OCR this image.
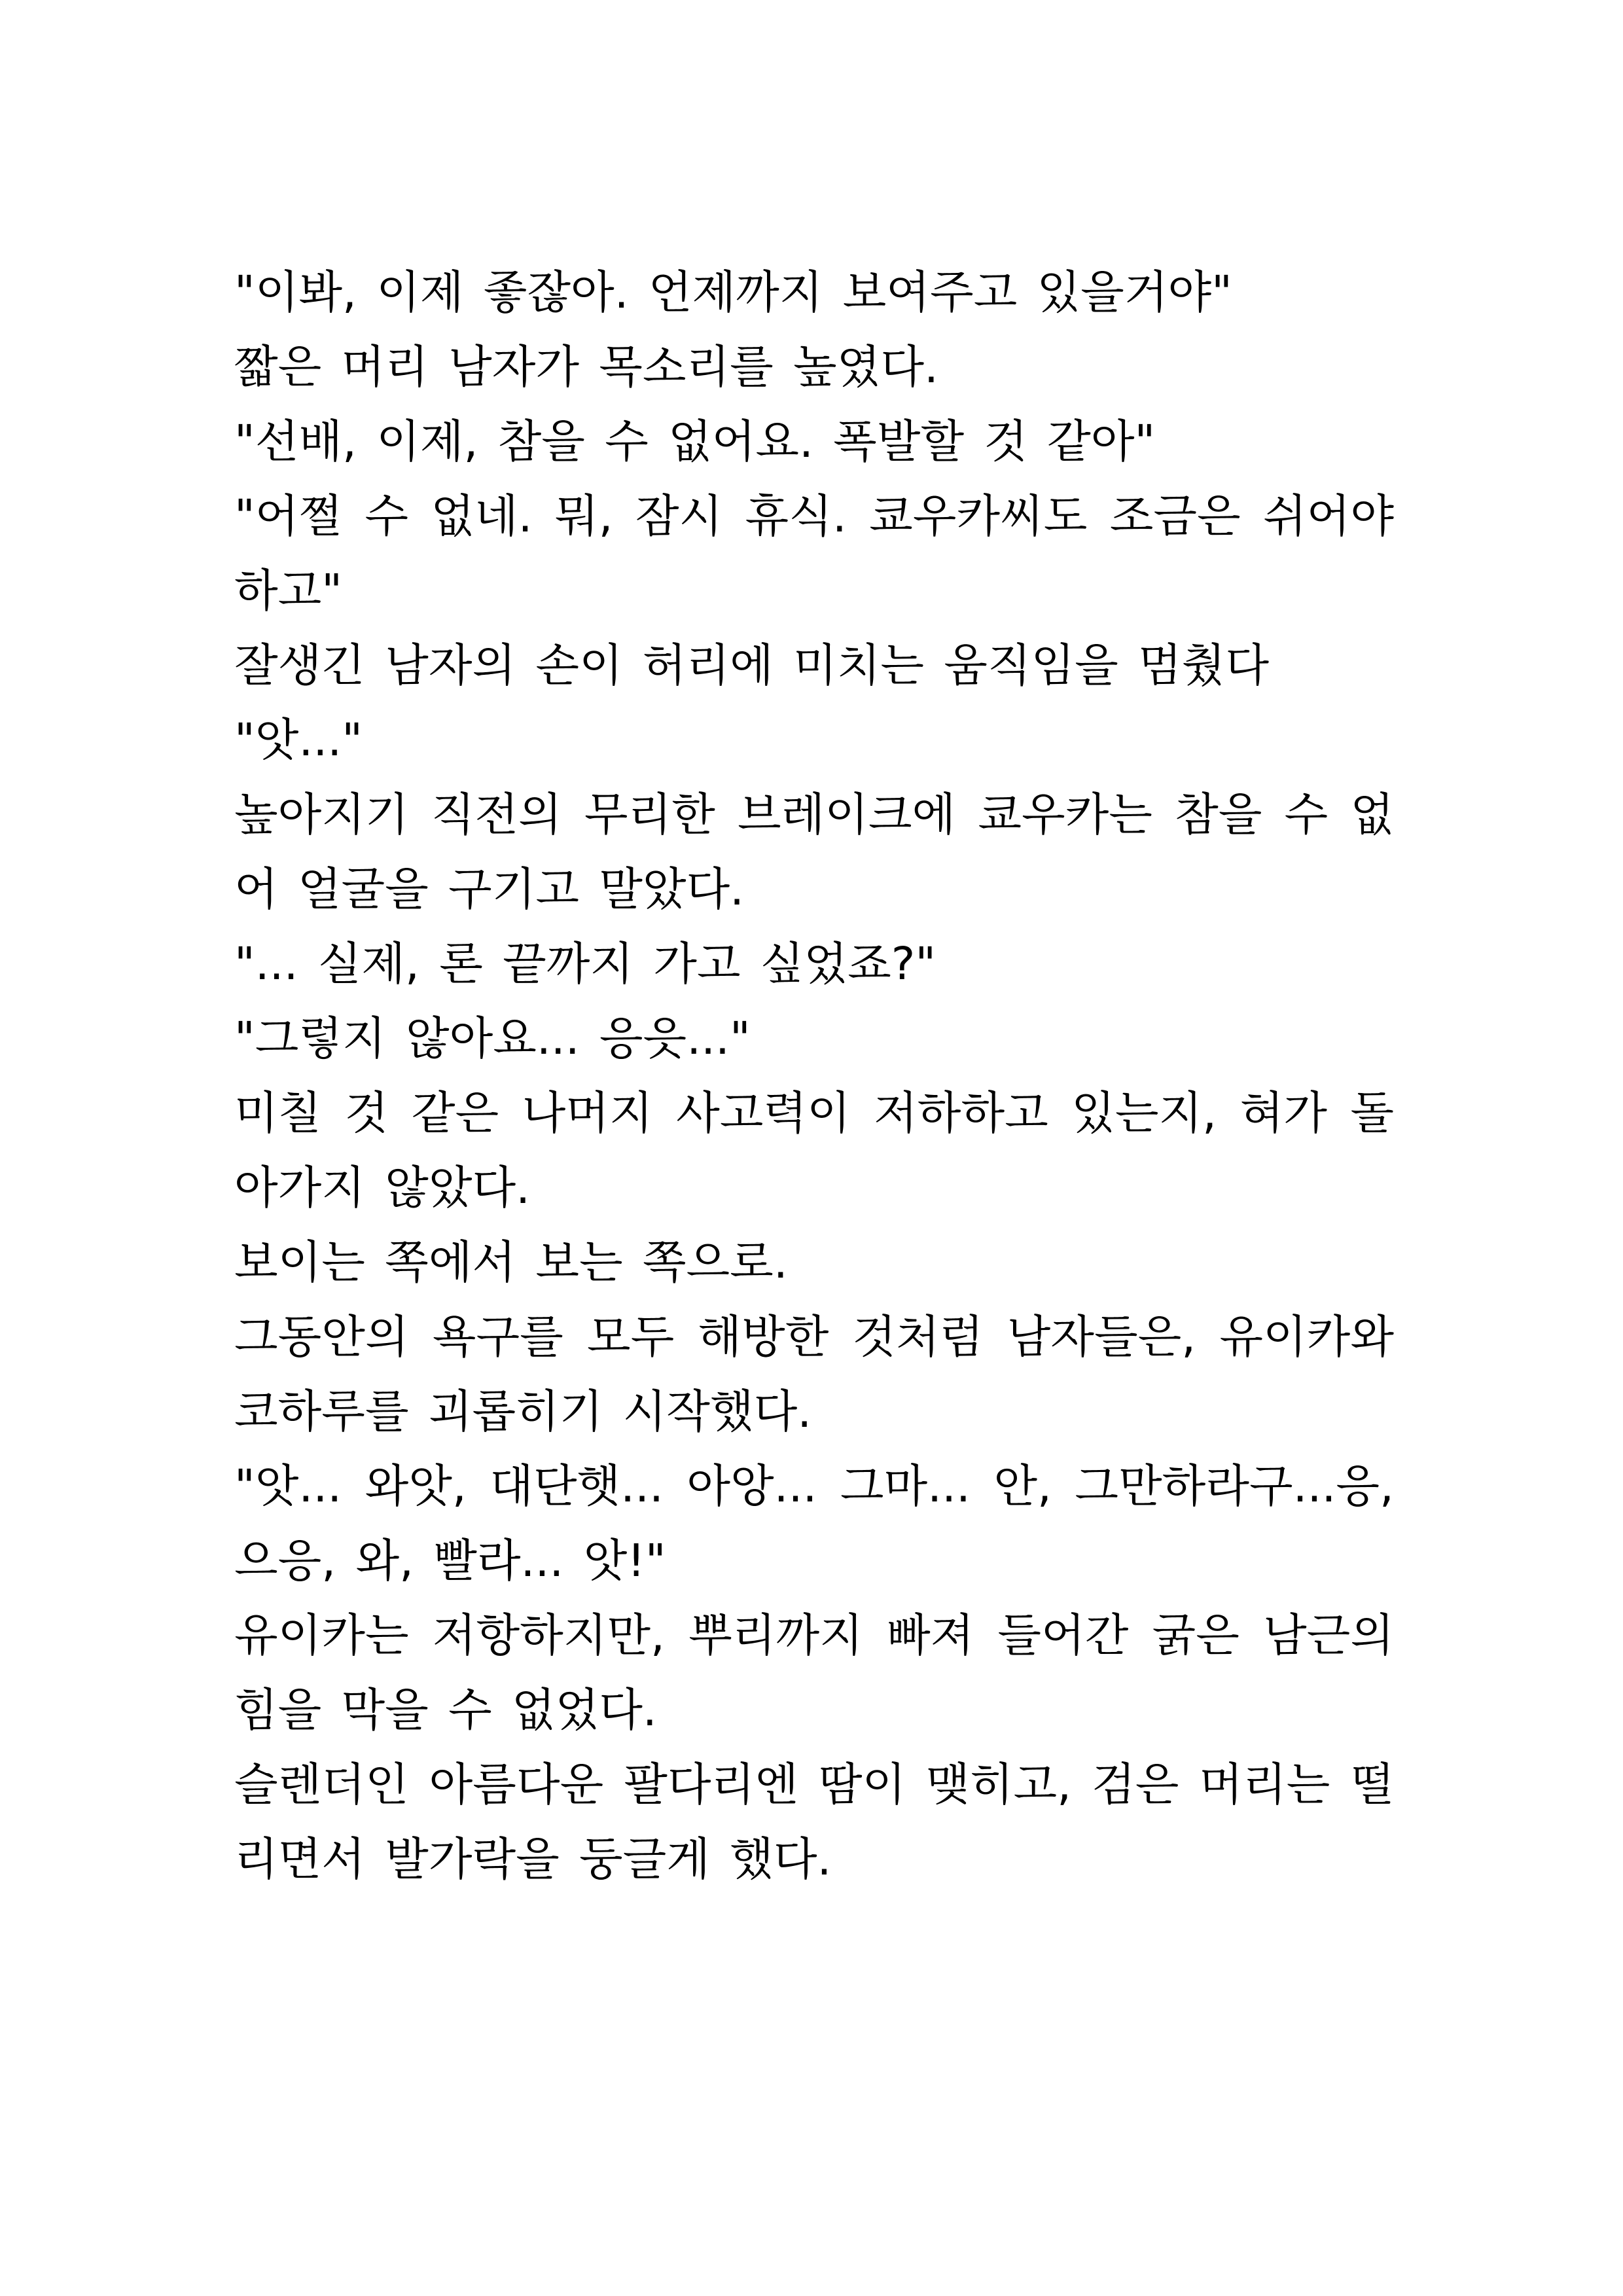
"이봐, 이제 좋잖아. 언제까지 보여주고 있을거야"

짧은 머리 남자가 목소리를 높였다.

"선배, 이제, 참을 수 없어요. 폭발할 것 같아"

"어쩔 수 없네. 뭐, 잠시 휴식. 쿄우카씨도 조금은 쉬어야 하고"

잘생긴 남자의 손이 허리에 미치는 움직임을 멈췄다

"앗..."

높아지기 직전의 무리한 브레이크에 쿄우카는 참을 수 없어 얼굴을 구기고 말았다.

"... 실제, 론 끝까지 가고 싶었죠?"

"그렇지 않아요... 응읏..."

미칠 것 같은 나머지 사고력이 저하하고 있는지, 혀가 돌아가지 않았다.

보이는 쪽에서 보는 쪽으로.

그동안의 욕구를 모두 해방한 것처럼 남자들은, 유이카와 코하루를 괴롭히기 시작했다.

"앗... 와앗, 대단햇... 아앙... 그마... 안, 그만하라구...응, 으응, 와, 빨라... 앗!"

유이카는 저항하지만, 뿌리까지 빠져 들어간 굵은 남근의 힘을 막을 수 없었다.

슬렌더인 아름다운 팔다리엔 땀이 맺히고, 검은 머리는 떨리면서 발가락을 둥글게 했다.
